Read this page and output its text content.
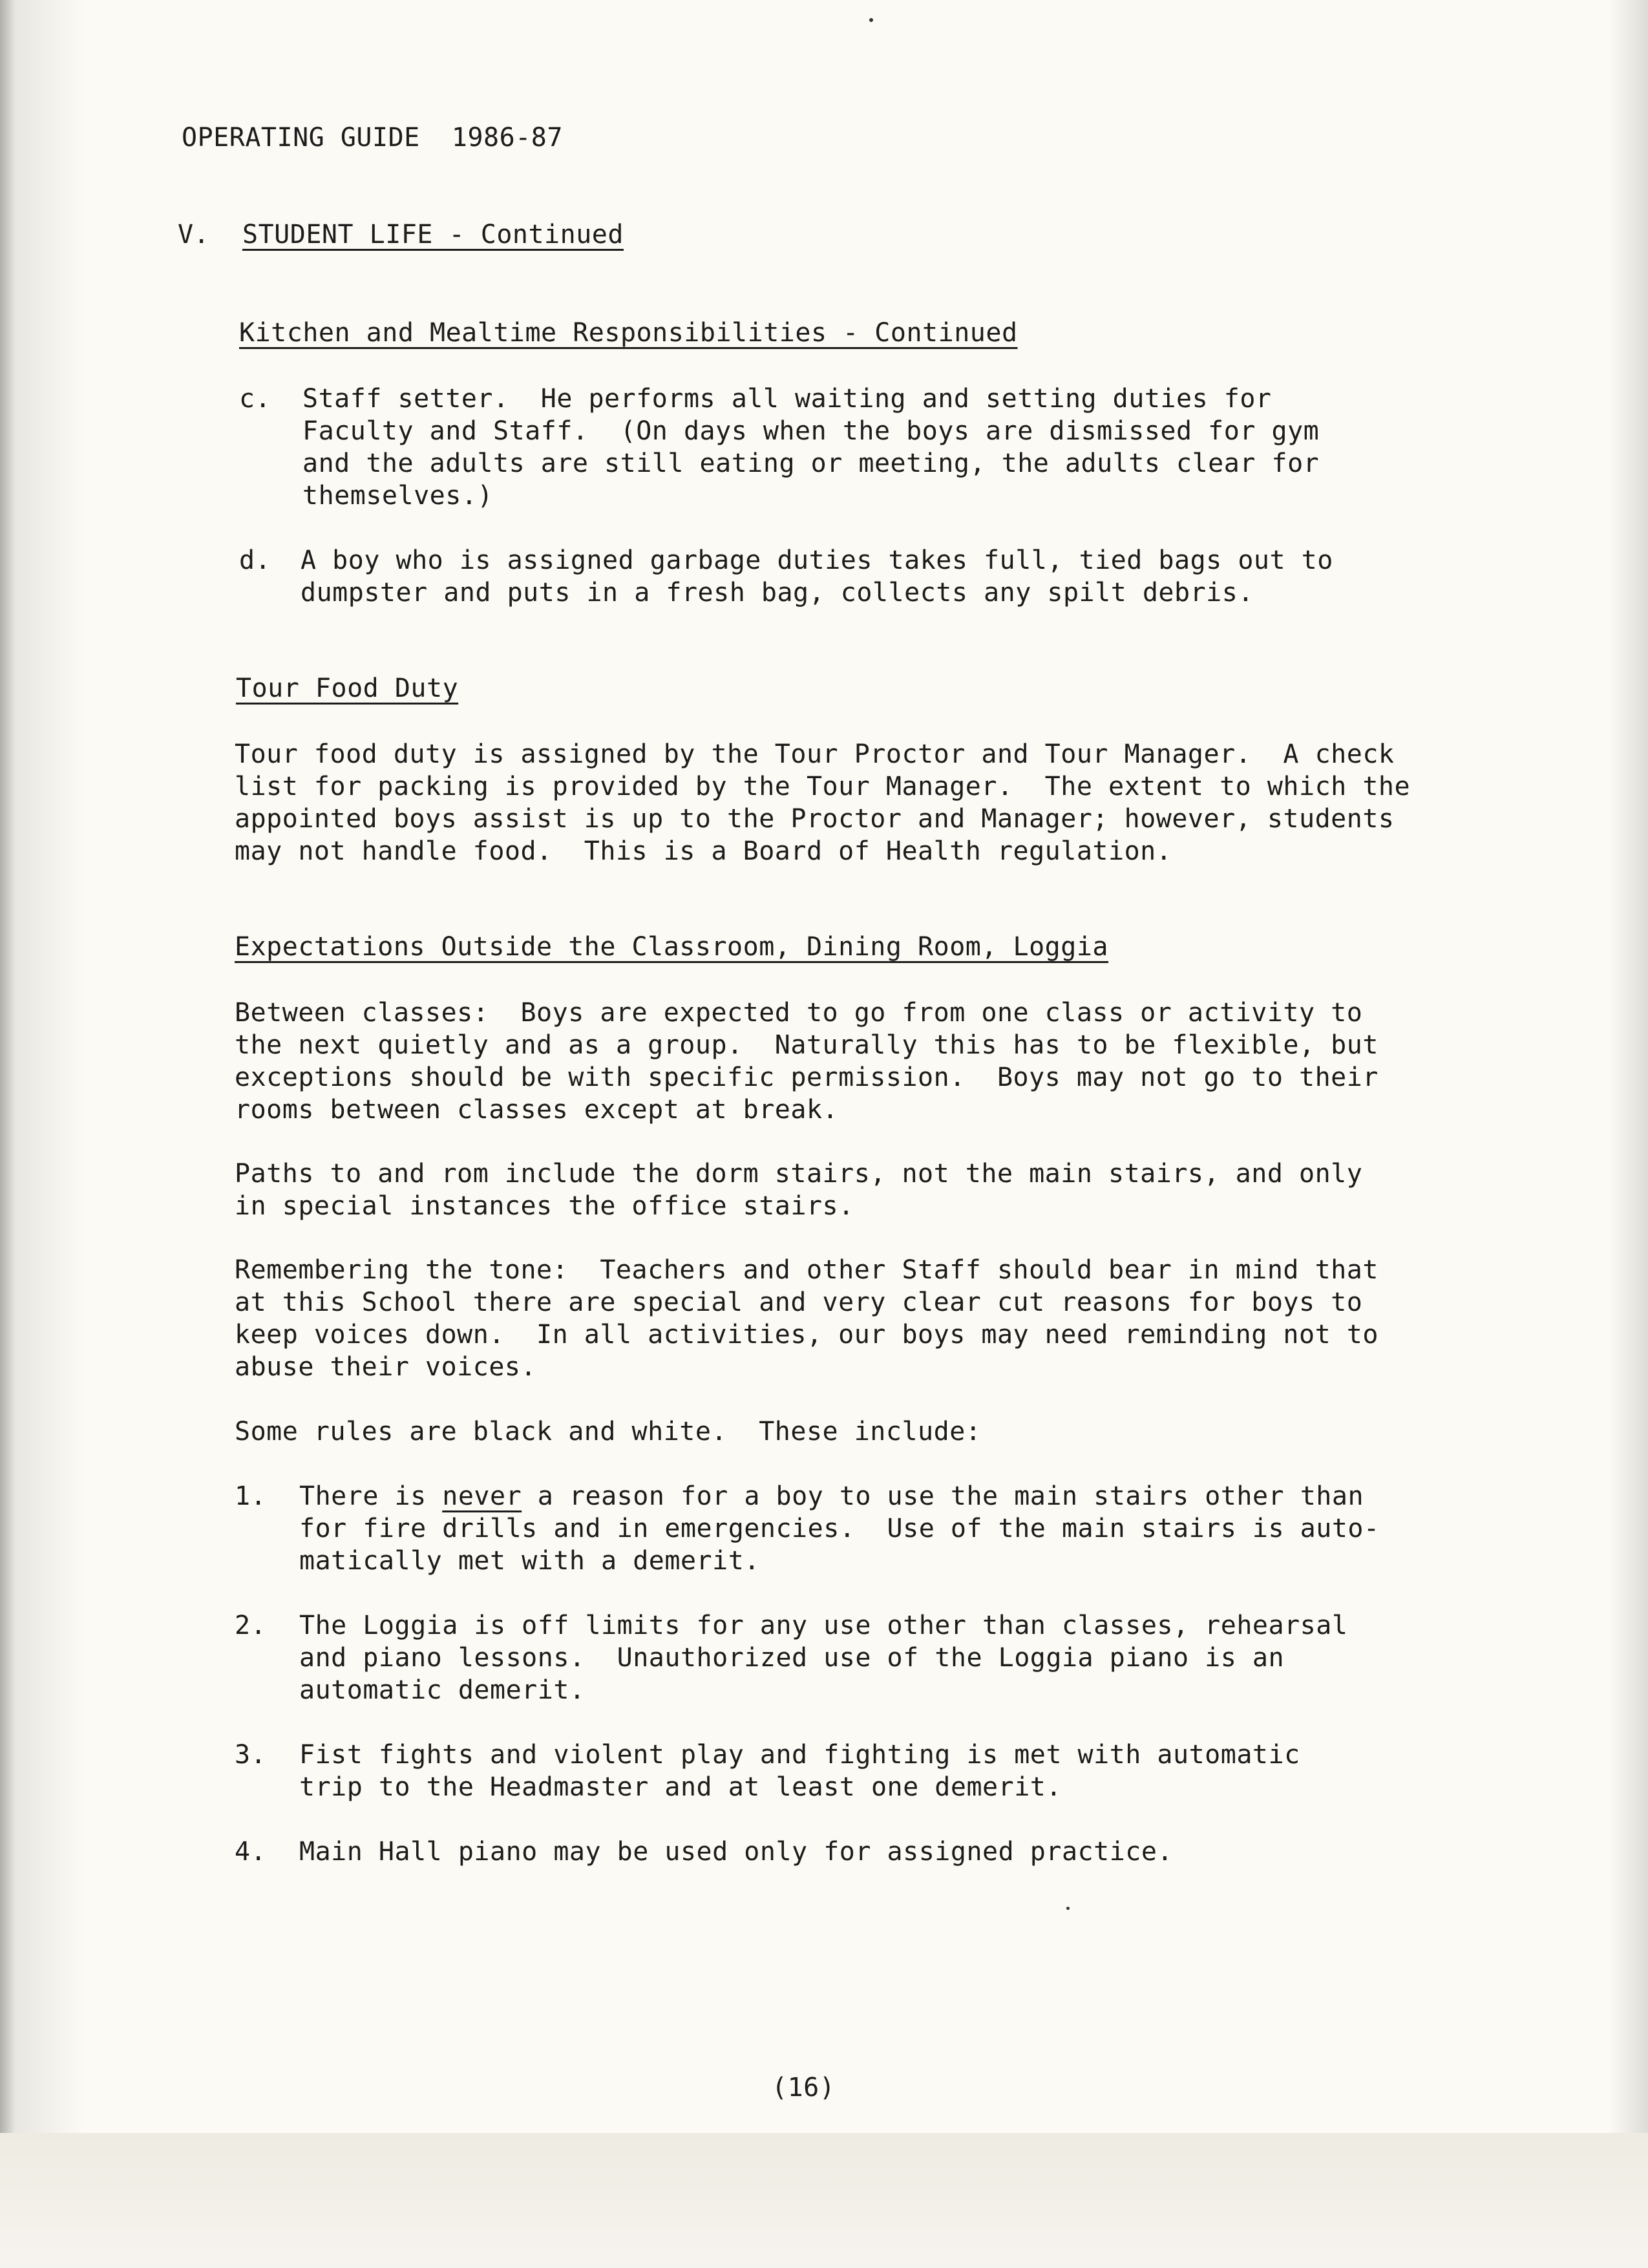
OPERATING GUIDE  1986-87
V. STUDENT LIFE - Continued
Kitchen and Mealtime Responsibilities - Continued
c. Staff setter.  He performs all waiting and setting duties for
Faculty and Staff.  (On days when the boys are dismissed for gym
and the adults are still eating or meeting, the adults clear for
themselves.)
d. A boy who is assigned garbage duties takes full, tied bags out to
dumpster and puts in a fresh bag, collects any spilt debris.
Tour Food Duty
Tour food duty is assigned by the Tour Proctor and Tour Manager.  A check
list for packing is provided by the Tour Manager.  The extent to which the
appointed boys assist is up to the Proctor and Manager; however, students
may not handle food.  This is a Board of Health regulation.
Expectations Outside the Classroom, Dining Room, Loggia
Between classes:  Boys are expected to go from one class or activity to
the next quietly and as a group.  Naturally this has to be flexible, but
exceptions should be with specific permission.  Boys may not go to their
rooms between classes except at break.
Paths to and rom include the dorm stairs, not the main stairs, and only
in special instances the office stairs.
Remembering the tone:  Teachers and other Staff should bear in mind that
at this School there are special and very clear cut reasons for boys to
keep voices down.  In all activities, our boys may need reminding not to
abuse their voices.
Some rules are black and white.  These include:
1. There is never a reason for a boy to use the main stairs other than
for fire drills and in emergencies.  Use of the main stairs is auto-
matically met with a demerit.
2. The Loggia is off limits for any use other than classes, rehearsal
and piano lessons.  Unauthorized use of the Loggia piano is an
automatic demerit.
3. Fist fights and violent play and fighting is met with automatic
trip to the Headmaster and at least one demerit.
4. Main Hall piano may be used only for assigned practice.
(16)
